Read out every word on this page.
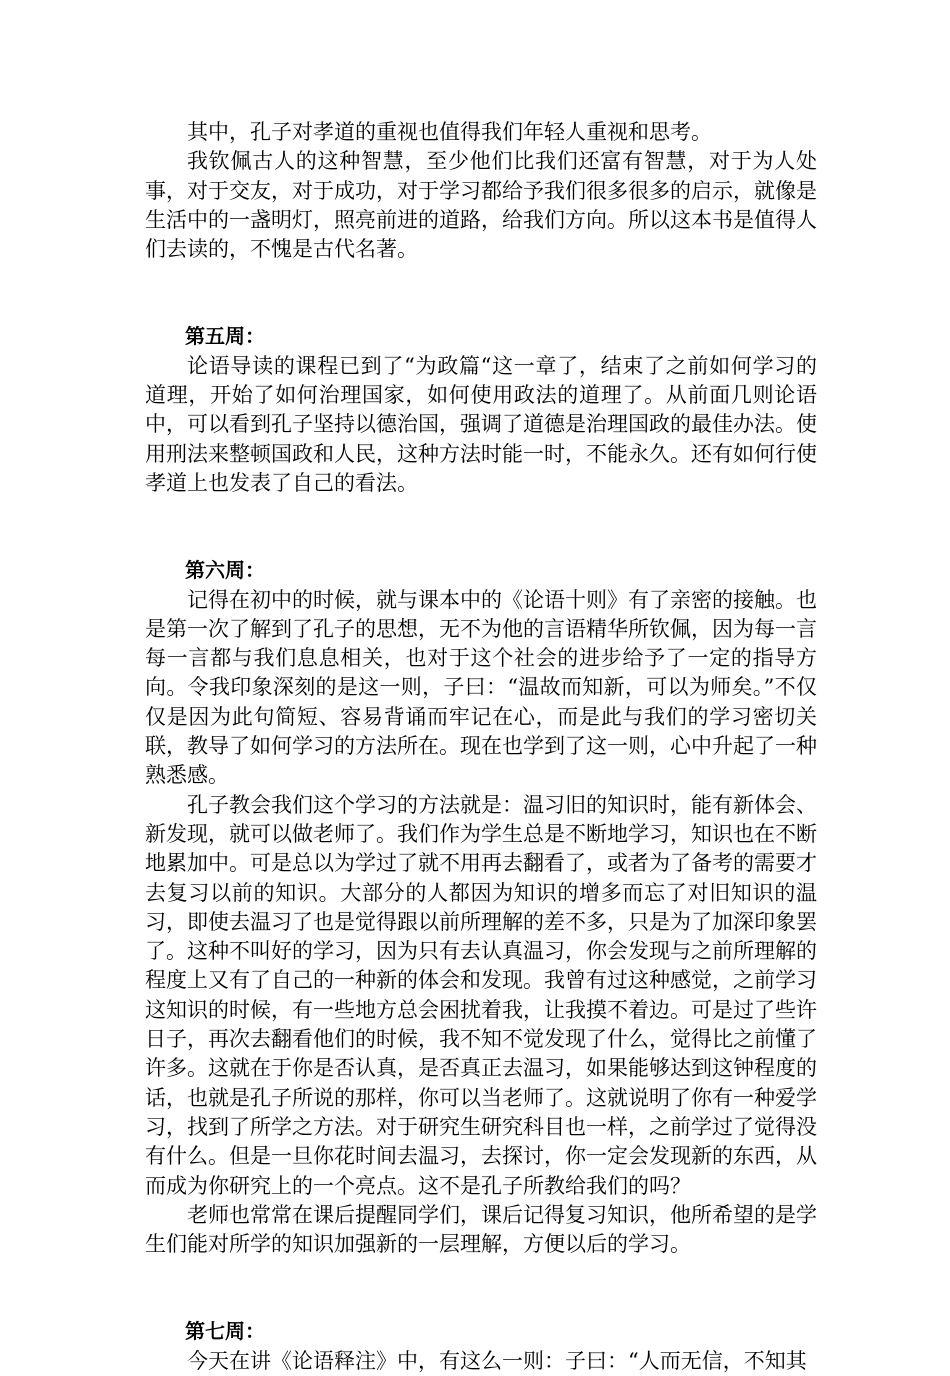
其中，孔子对孝道的重视也值得我们年轻人重视和思考。

我钦佩古人的这种智慧，至少他们比我们还富有智慧，对于为人处事，对于交友，对于成功，对于学习都给予我们很多很多的启示，就像是生活中的一盏明灯，照亮前进的道路，给我们方向。所以这本书是值得人们去读的，不愧是古代名著。

第五周：

论语导读的课程已到了“为政篇“这一章了，结束了之前如何学习的道理，开始了如何治理国家，如何使用政法的道理了。从前面几则论语中，可以看到孔子坚持以德治国，强调了道德是治理国政的最佳办法。使用刑法来整顿国政和人民，这种方法时能一时，不能永久。还有如何行使孝道上也发表了自己的看法。

第六周：

记得在初中的时候，就与课本中的《论语十则》有了亲密的接触。也是第一次了解到了孔子的思想，无不为他的言语精华所钦佩，因为每一言每一言都与我们息息相关，也对于这个社会的进步给予了一定的指导方向。令我印象深刻的是这一则，子曰：“温故而知新，可以为师矣。”不仅仅是因为此句简短、容易背诵而牢记在心，而是此与我们的学习密切关联，教导了如何学习的方法所在。现在也学到了这一则，心中升起了一种熟悉感。

孔子教会我们这个学习的方法就是：温习旧的知识时，能有新体会、新发现，就可以做老师了。我们作为学生总是不断地学习，知识也在不断地累加中。可是总以为学过了就不用再去翻看了，或者为了备考的需要才去复习以前的知识。大部分的人都因为知识的增多而忘了对旧知识的温习，即使去温习了也是觉得跟以前所理解的差不多，只是为了加深印象罢了。这种不叫好的学习，因为只有去认真温习，你会发现与之前所理解的程度上又有了自己的一种新的体会和发现。我曾有过这种感觉，之前学习这知识的时候，有一些地方总会困扰着我，让我摸不着边。可是过了些许日子，再次去翻看他们的时候，我不知不觉发现了什么，觉得比之前懂了许多。这就在于你是否认真，是否真正去温习，如果能够达到这钟程度的话，也就是孔子所说的那样，你可以当老师了。这就说明了你有一种爱学习，找到了所学之方法。对于研究生研究科目也一样，之前学过了觉得没有什么。但是一旦你花时间去温习，去探讨，你一定会发现新的东西，从而成为你研究上的一个亮点。这不是孔子所教给我们的吗？

老师也常常在课后提醒同学们，课后记得复习知识，他所希望的是学生们能对所学的知识加强新的一层理解，方便以后的学习。

第七周：

今天在讲《论语释注》中，有这么一则：子曰：“人而无信，不知其
